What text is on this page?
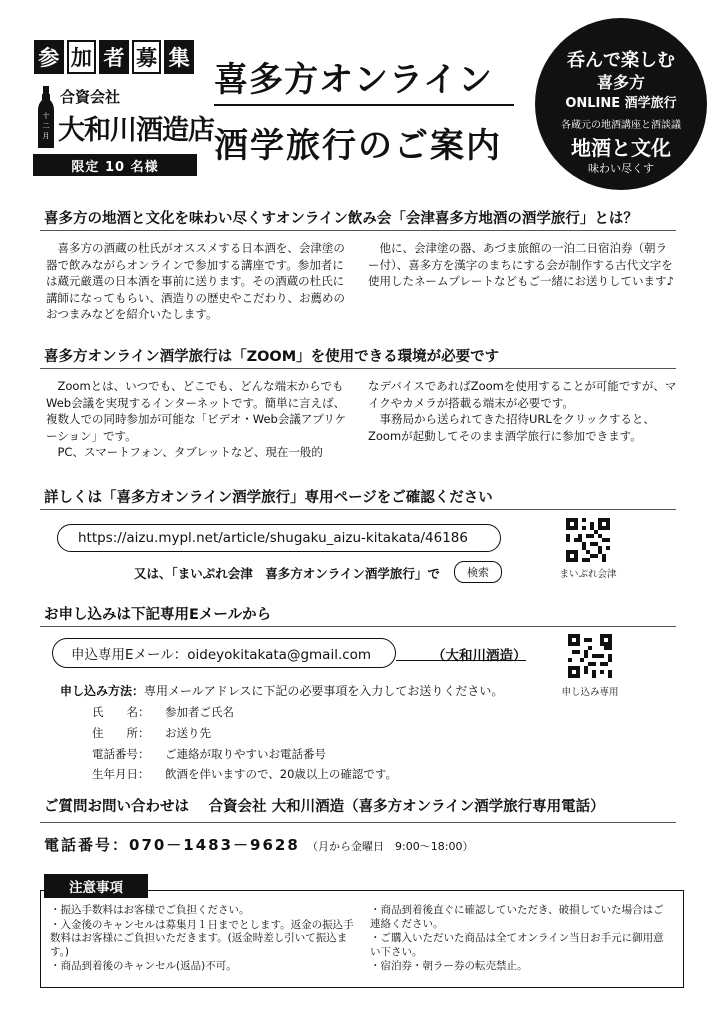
参 加 者 募 集
十
二
月
合資会社
大和川酒造店
限定 10 名様
喜多方オンライン
酒学旅行のご案内
呑んで楽しむ
喜多方
ONLINE 酒学旅行
各蔵元の地酒講座と酒談議
地酒と文化
味わい尽くす
喜多方の地酒と文化を味わい尽くすオンライン飲み会「会津喜多方地酒の酒学旅行」とは？

喜多方の酒蔵の杜氏がオススメする日本酒を、会津塗の器で飲みながらオンラインで参加する講座です。参加者には蔵元厳選の日本酒を事前に送ります。その酒蔵の杜氏に講師になってもらい、酒造りの歴史やこだわり、お薦めのおつまみなどを紹介いたします。

他に、会津塗の器、あづま旅館の一泊二日宿泊券（朝ラー付）、喜多方を漢字のまちにする会が制作する古代文字を使用したネームプレートなどもご一緒にお送りしています♪

喜多方オンライン酒学旅行は「ZOOM」を使用できる環境が必要です

Zoomとは、いつでも、どこでも、どんな端末からでもWeb会議を実現するインターネットです。簡単に言えば、複数人での同時参加が可能な「ビデオ・Web会議アプリケーション」です。

PC、スマートフォン、タブレットなど、現在一般的

なデバイスであればZoomを使用することが可能ですが、マイクやカメラが搭載る端末が必要です。

事務局から送られてきた招待URLをクリックすると、Zoomが起動してそのまま酒学旅行に参加できます。

詳しくは「喜多方オンライン酒学旅行」専用ページをご確認ください
https://aizu.mypl.net/article/shugaku_aizu-kitakata/46186
又は、「まいぷれ会津　喜多方オンライン酒学旅行」で	検索	まいぷれ会津
お申し込みは下記専用Eメールから
申込専用Eメール：oideyokitakata@gmail.com	（大和川酒造）
申し込み専用
申し込み方法：専用メールアドレスに下記の必要事項を入力してお送りください。
氏　　名： 参加者ご氏名
住　　所： お送り先
電話番号： ご連絡が取りやすいお電話番号
生年月日： 飲酒を伴いますので、20歳以上の確認です。
ご質問お問い合わせは　 合資会社 大和川酒造（喜多方オンライン酒学旅行専用電話）
電話番号：070－1483－9628 （月から金曜日　9:00～18:00）
注意事項
・振込手数料はお客様でご負担ください。
・入金後のキャンセルは募集月１日までとします。返金の振込手数料はお客様にご負担いただきます。(返金時差し引いて振込ます。)
・商品到着後のキャンセル(返品)不可。
・商品到着後直ぐに確認していただき、破損していた場合はご連絡ください。
・ご購入いただいた商品は全てオンライン当日お手元に御用意い下さい。
・宿泊券・朝ラー券の転売禁止。
